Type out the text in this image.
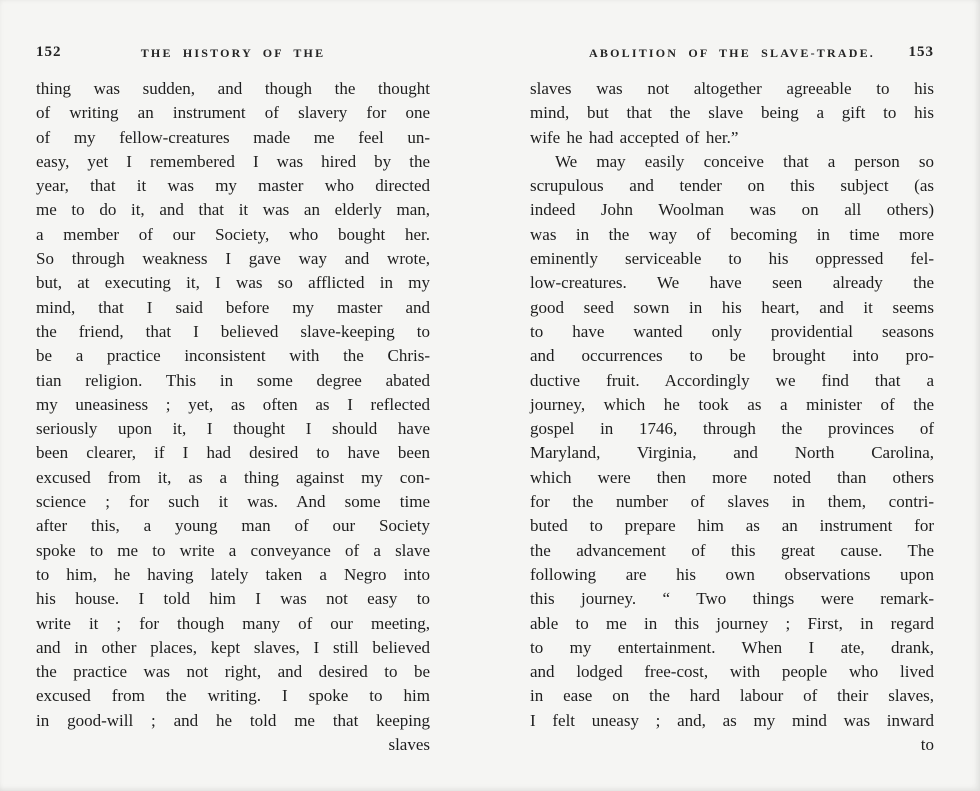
152	THE HISTORY OF THE
thing was sudden, and though the thought
of writing an instrument of slavery for one
of my fellow-creatures made me feel un-
easy, yet I remembered I was hired by the
year, that it was my master who directed
me to do it, and that it was an elderly man,
a member of our Society, who bought her.
So through weakness I gave way and wrote,
but, at executing it, I was so afflicted in my
mind, that I said before my master and
the friend, that I believed slave-keeping to
be a practice inconsistent with the Chris-
tian religion. This in some degree abated
my uneasiness ; yet, as often as I reflected
seriously upon it, I thought I should have
been clearer, if I had desired to have been
excused from it, as a thing against my con-
science ; for such it was. And some time
after this, a young man of our Society
spoke to me to write a conveyance of a slave
to him, he having lately taken a Negro into
his house. I told him I was not easy to
write it ; for though many of our meeting,
and in other places, kept slaves, I still believed
the practice was not right, and desired to be
excused from the writing. I spoke to him
in good-will ; and he told me that keeping
slaves
ABOLITION OF THE SLAVE-TRADE.	153
slaves was not altogether agreeable to his
mind, but that the slave being a gift to his
wife he had accepted of her.”
We may easily conceive that a person so
scrupulous and tender on this subject (as
indeed John Woolman was on all others)
was in the way of becoming in time more
eminently serviceable to his oppressed fel-
low-creatures. We have seen already the
good seed sown in his heart, and it seems
to have wanted only providential seasons
and occurrences to be brought into pro-
ductive fruit. Accordingly we find that a
journey, which he took as a minister of the
gospel in 1746, through the provinces of
Maryland, Virginia, and North Carolina,
which were then more noted than others
for the number of slaves in them, contri-
buted to prepare him as an instrument for
the advancement of this great cause. The
following are his own observations upon
this journey. “ Two things were remark-
able to me in this journey ; First, in regard
to my entertainment. When I ate, drank,
and lodged free-cost, with people who lived
in ease on the hard labour of their slaves,
I felt uneasy ; and, as my mind was inward
to
